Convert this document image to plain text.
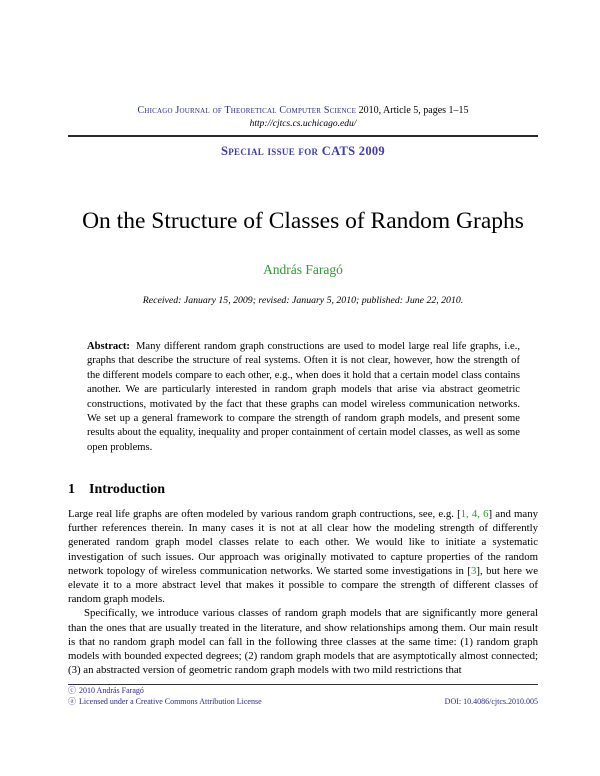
Chicago Journal of Theoretical Computer Science 2010, Article 5, pages 1–15
http://cjtcs.cs.uchicago.edu/
Special issue for CATS 2009
On the Structure of Classes of Random Graphs
András Faragó
Received: January 15, 2009; revised: January 5, 2010; published: June 22, 2010.
Abstract: Many different random graph constructions are used to model large real life graphs, i.e., graphs that describe the structure of real systems. Often it is not clear, however, how the strength of the different models compare to each other, e.g., when does it hold that a certain model class contains another. We are particularly interested in random graph models that arise via abstract geometric constructions, motivated by the fact that these graphs can model wireless communication networks. We set up a general framework to compare the strength of random graph models, and present some results about the equality, inequality and proper containment of certain model classes, as well as some open problems.
1 Introduction

Large real life graphs are often modeled by various random graph contructions, see, e.g. [1, 4, 6] and many further references therein. In many cases it is not at all clear how the modeling strength of differently generated random graph model classes relate to each other. We would like to initiate a systematic investigation of such issues. Our approach was originally motivated to capture properties of the random network topology of wireless communication networks. We started some investigations in [3], but here we elevate it to a more abstract level that makes it possible to compare the strength of different classes of random graph models.

Specifically, we introduce various classes of random graph models that are significantly more general than the ones that are usually treated in the literature, and show relationships among them. Our main result is that no random graph model can fall in the following three classes at the same time: (1) random graph models with bounded expected degrees; (2) random graph models that are asymptotically almost connected; (3) an abstracted version of geometric random graph models with two mild restrictions that

ⓒ 2010 András Faragó
ⓐ Licensed under a Creative Commons Attribution License	DOI: 10.4086/cjtcs.2010.005
